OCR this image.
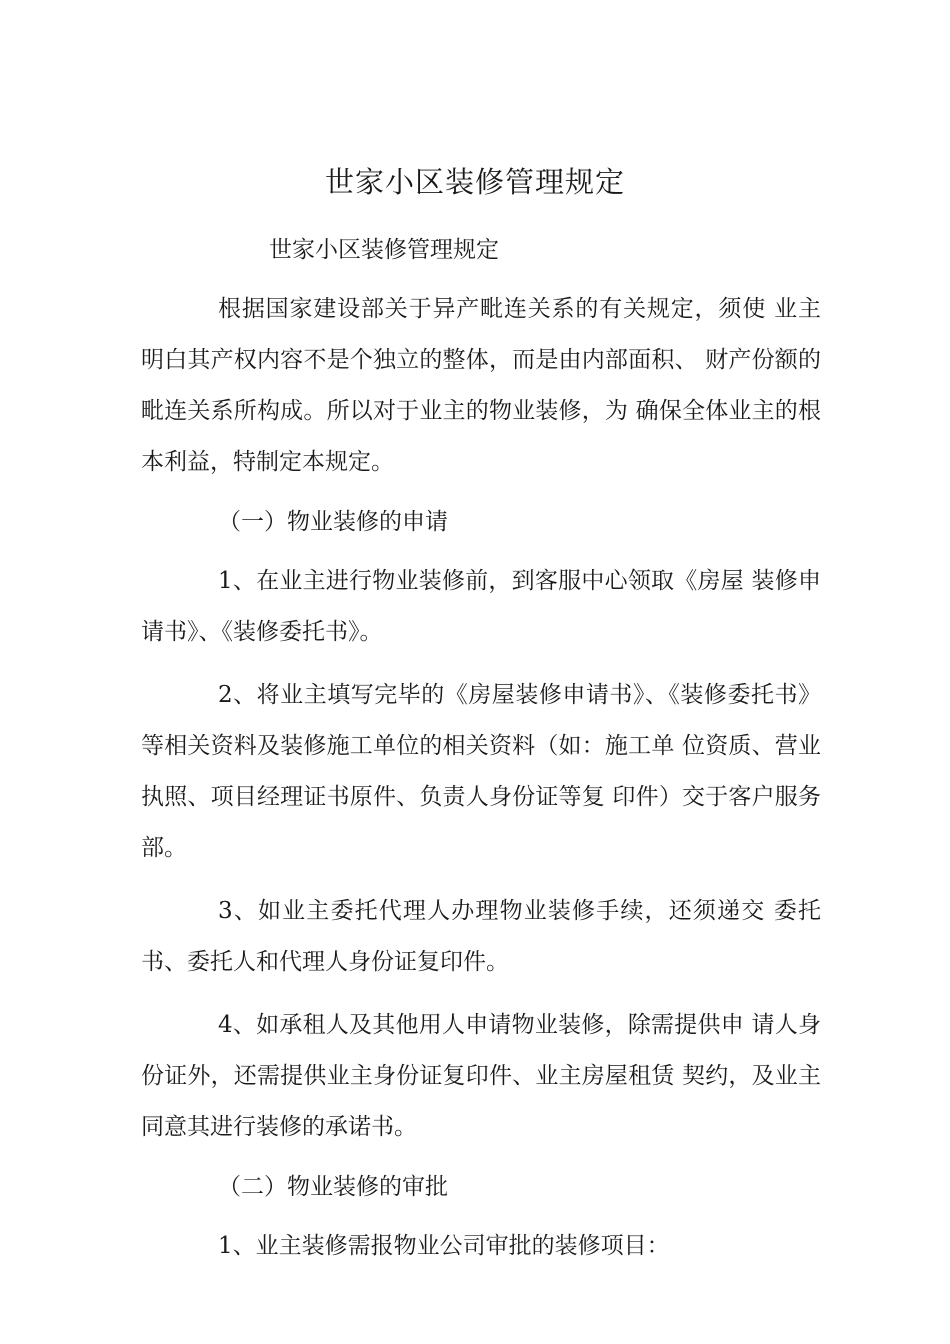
世家小区装修管理规定

世家小区装修管理规定

根据国家建设部关于异产毗连关系的有关规定，须使 业主明白其产权内容不是个独立的整体，而是由内部面积、 财产份额的毗连关系所构成。所以对于业主的物业装修，为 确保全体业主的根本利益，特制定本规定。

（一）物业装修的申请

1、在业主进行物业装修前，到客服中心领取《房屋 装修申请书》、《装修委托书》。

2、将业主填写完毕的《房屋装修申请书》、《装修委托书》等相关资料及装修施工单位的相关资料（如：施工单 位资质、营业执照、项目经理证书原件、负责人身份证等复 印件）交于客户服务部。

3、如业主委托代理人办理物业装修手续，还须递交 委托书、委托人和代理人身份证复印件。

4、如承租人及其他用人申请物业装修，除需提供申 请人身份证外，还需提供业主身份证复印件、业主房屋租赁 契约，及业主同意其进行装修的承诺书。

（二）物业装修的审批

1、业主装修需报物业公司审批的装修项目：
